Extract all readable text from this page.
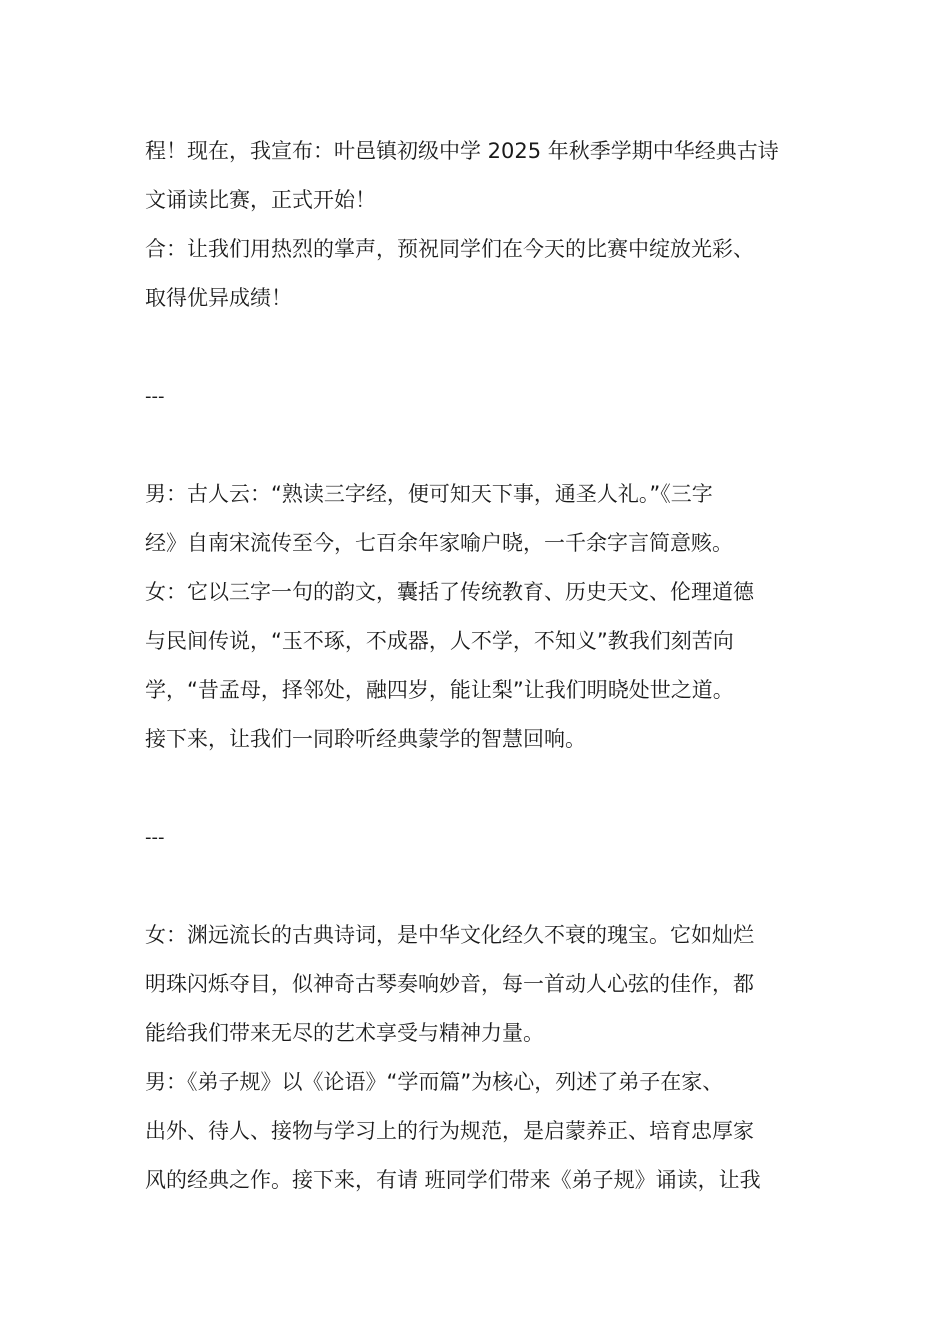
程！现在，我宣布：叶邑镇初级中学 2025 年秋季学期中华经典古诗
文诵读比赛，正式开始！

合：让我们用热烈的掌声，预祝同学们在今天的比赛中绽放光彩、
取得优异成绩！

---

男：古人云：“熟读三字经，便可知天下事，通圣人礼。”《三字
经》自南宋流传至今，七百余年家喻户晓，一千余字言简意赅。

女：它以三字一句的韵文，囊括了传统教育、历史天文、伦理道德
与民间传说，“玉不琢，不成器，人不学，不知义”教我们刻苦向
学，“昔孟母，择邻处，融四岁，能让梨”让我们明晓处世之道。
接下来，让我们一同聆听经典蒙学的智慧回响。

---

女：渊远流长的古典诗词，是中华文化经久不衰的瑰宝。它如灿烂
明珠闪烁夺目，似神奇古琴奏响妙音，每一首动人心弦的佳作，都
能给我们带来无尽的艺术享受与精神力量。

男：《弟子规》以《论语》“学而篇”为核心，列述了弟子在家、
出外、待人、接物与学习上的行为规范，是启蒙养正、培育忠厚家
风的经典之作。接下来，有请 班同学们带来《弟子规》诵读，让我
